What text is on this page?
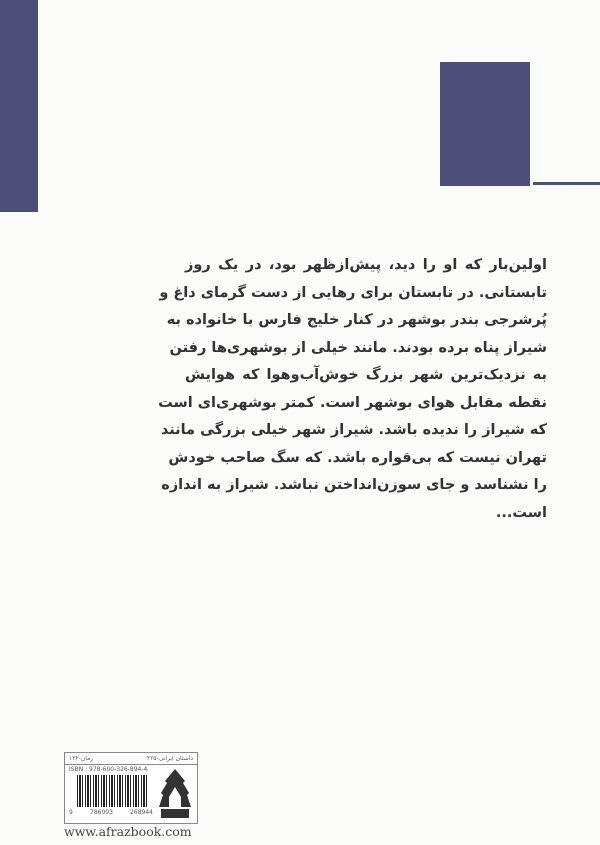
اولین‌بار که او را دید، پیش‌ازظهر بود، در یک روز
تابستانی. در تابستان برای رهایی از دست گرمای داغ و
پُرشرجی بندر بوشهر در کنار خلیج فارس با خانواده به
شیراز پناه برده بودند. مانند خیلی از بوشهری‌ها رفتن
به نزدیک‌ترین شهر بزرگ خوش‌آب‌وهوا که هوایش
نقطه مقابل هوای بوشهر است. کمتر بوشهری‌ای است
که شیراز را ندیده باشد. شیراز شهر خیلی بزرگی مانند
تهران نیست که بی‌قواره باشد. که سگ صاحب خودش
را نشناسد و جای سوزن‌انداختن نباشد. شیراز به اندازه
است...
داستان ایرانی-۲۲۵
رمان-۱۲۲
ISBN : 978-600-326-894-4
9	786003	268944
www.afrazbook.com
